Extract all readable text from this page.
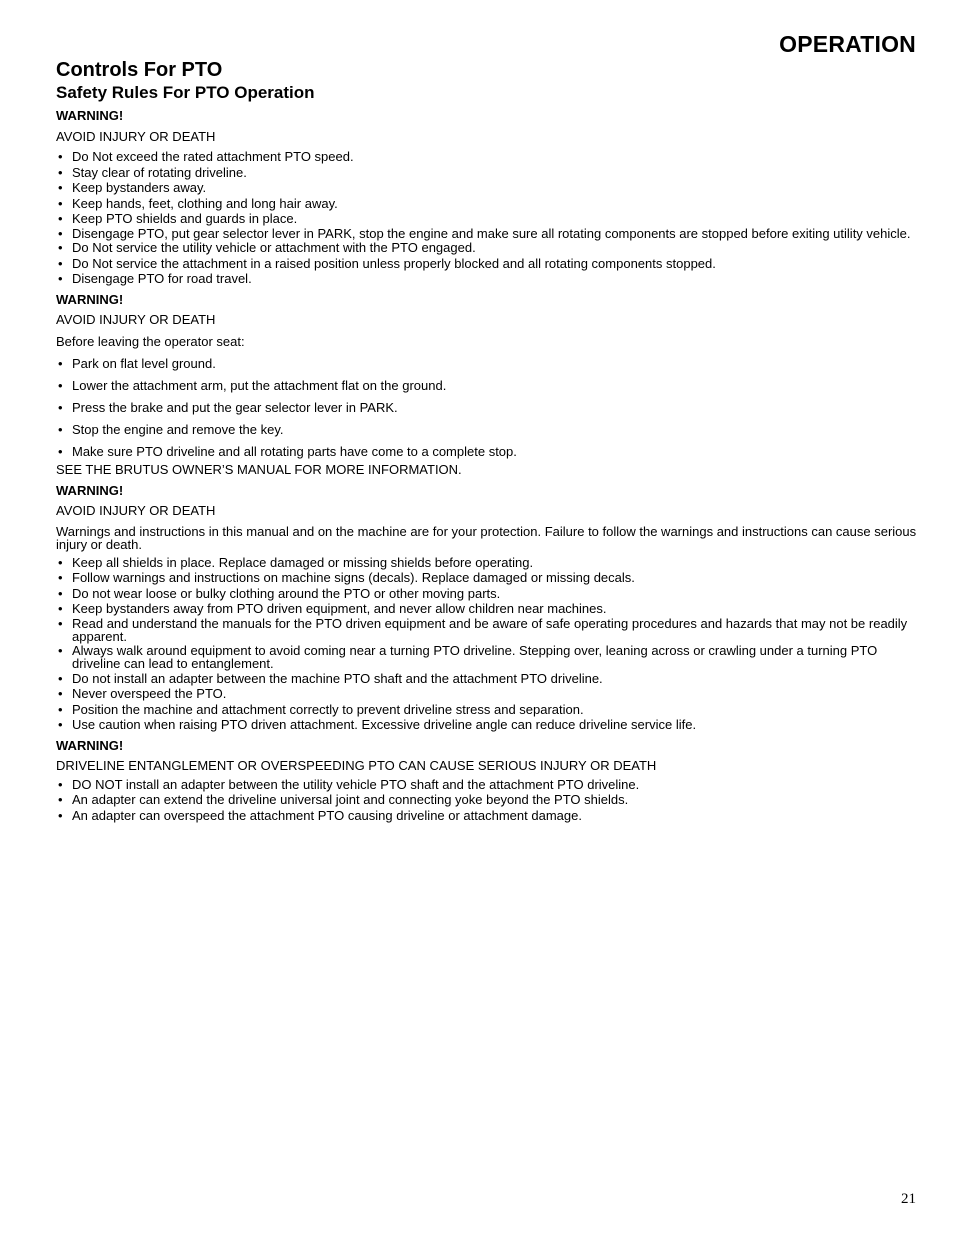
OPERATION
Controls For PTO
Safety Rules For PTO Operation

WARNING!

AVOID INJURY OR DEATH

• Do Not exceed the rated attachment PTO speed.
• Stay clear of rotating driveline.
• Keep bystanders away.
• Keep hands, feet, clothing and long hair away.
• Keep PTO shields and guards in place.
• Disengage PTO, put gear selector lever in PARK, stop the engine and make sure all rotating components are stopped before exiting utility vehicle.
• Do Not service the utility vehicle or attachment with the PTO engaged.
• Do Not service the attachment in a raised position unless properly blocked and all rotating components stopped.
• Disengage PTO for road travel.

WARNING!

AVOID INJURY OR DEATH

Before leaving the operator seat:

• Park on flat level ground.
• Lower the attachment arm, put the attachment flat on the ground.
• Press the brake and put the gear selector lever in PARK.
• Stop the engine and remove the key.
• Make sure PTO driveline and all rotating parts have come to a complete stop.

SEE THE BRUTUS OWNER’S MANUAL FOR MORE INFORMATION.

WARNING!

AVOID INJURY OR DEATH

Warnings and instructions in this manual and on the machine are for your protection. Failure to follow the warnings and instructions can cause serious injury or death.

• Keep all shields in place. Replace damaged or missing shields before operating.
• Follow warnings and instructions on machine signs (decals). Replace damaged or missing decals.
• Do not wear loose or bulky clothing around the PTO or other moving parts.
• Keep bystanders away from PTO driven equipment, and never allow children near machines.
• Read and understand the manuals for the PTO driven equipment and be aware of safe operating procedures and hazards that may not be readily apparent.
• Always walk around equipment to avoid coming near a turning PTO driveline. Stepping over, leaning across or crawling under a turning PTO driveline can lead to entanglement.
• Do not install an adapter between the machine PTO shaft and the attachment PTO driveline.
• Never overspeed the PTO.
• Position the machine and attachment correctly to prevent driveline stress and separation.
• Use caution when raising PTO driven attachment. Excessive driveline angle can reduce driveline service life.

WARNING!

DRIVELINE ENTANGLEMENT OR OVERSPEEDING PTO CAN CAUSE SERIOUS INJURY OR DEATH

• DO NOT install an adapter between the utility vehicle PTO shaft and the attachment PTO driveline.
• An adapter can extend the driveline universal joint and connecting yoke beyond the PTO shields.
• An adapter can overspeed the attachment PTO causing driveline or attachment damage.

21
